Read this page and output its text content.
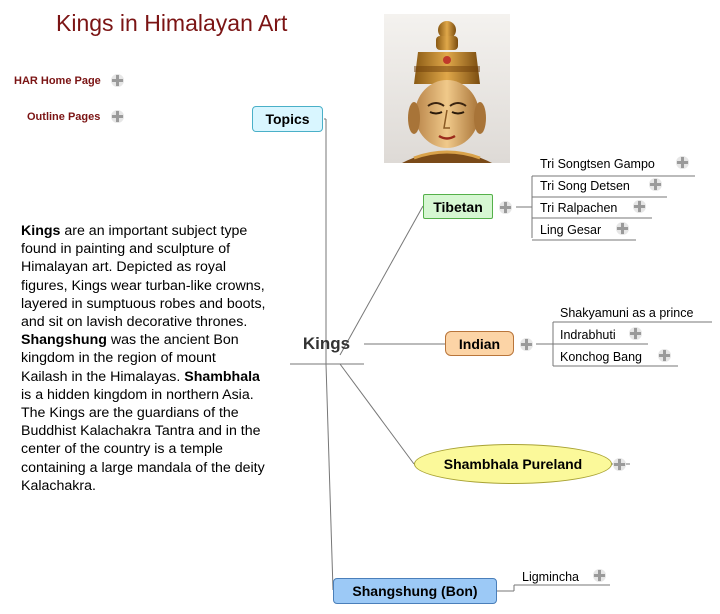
Kings in Himalayan Art
HAR Home Page
Outline Pages
Kings are an important subject type found in painting and sculpture of Himalayan art. Depicted as royal figures, Kings wear turban-like crowns, layered in sumptuous robes and boots, and sit on lavish decorative thrones. Shangshung was the ancient Bon kingdom in the region of mount Kailash in the Himalayas. Shambhala is a hidden kingdom in northern Asia. The Kings are the guardians of the Buddhist Kalachakra Tantra and in the center of the country is a temple containing a large mandala of the deity Kalachakra.
Topics
Kings
Tibetan
Indian
Shambhala Pureland
Shangshung (Bon)
Tri Songtsen Gampo
Tri Song Detsen
Tri Ralpachen
Ling Gesar
Shakyamuni as a prince
Indrabhuti
Konchog Bang
Ligmincha
